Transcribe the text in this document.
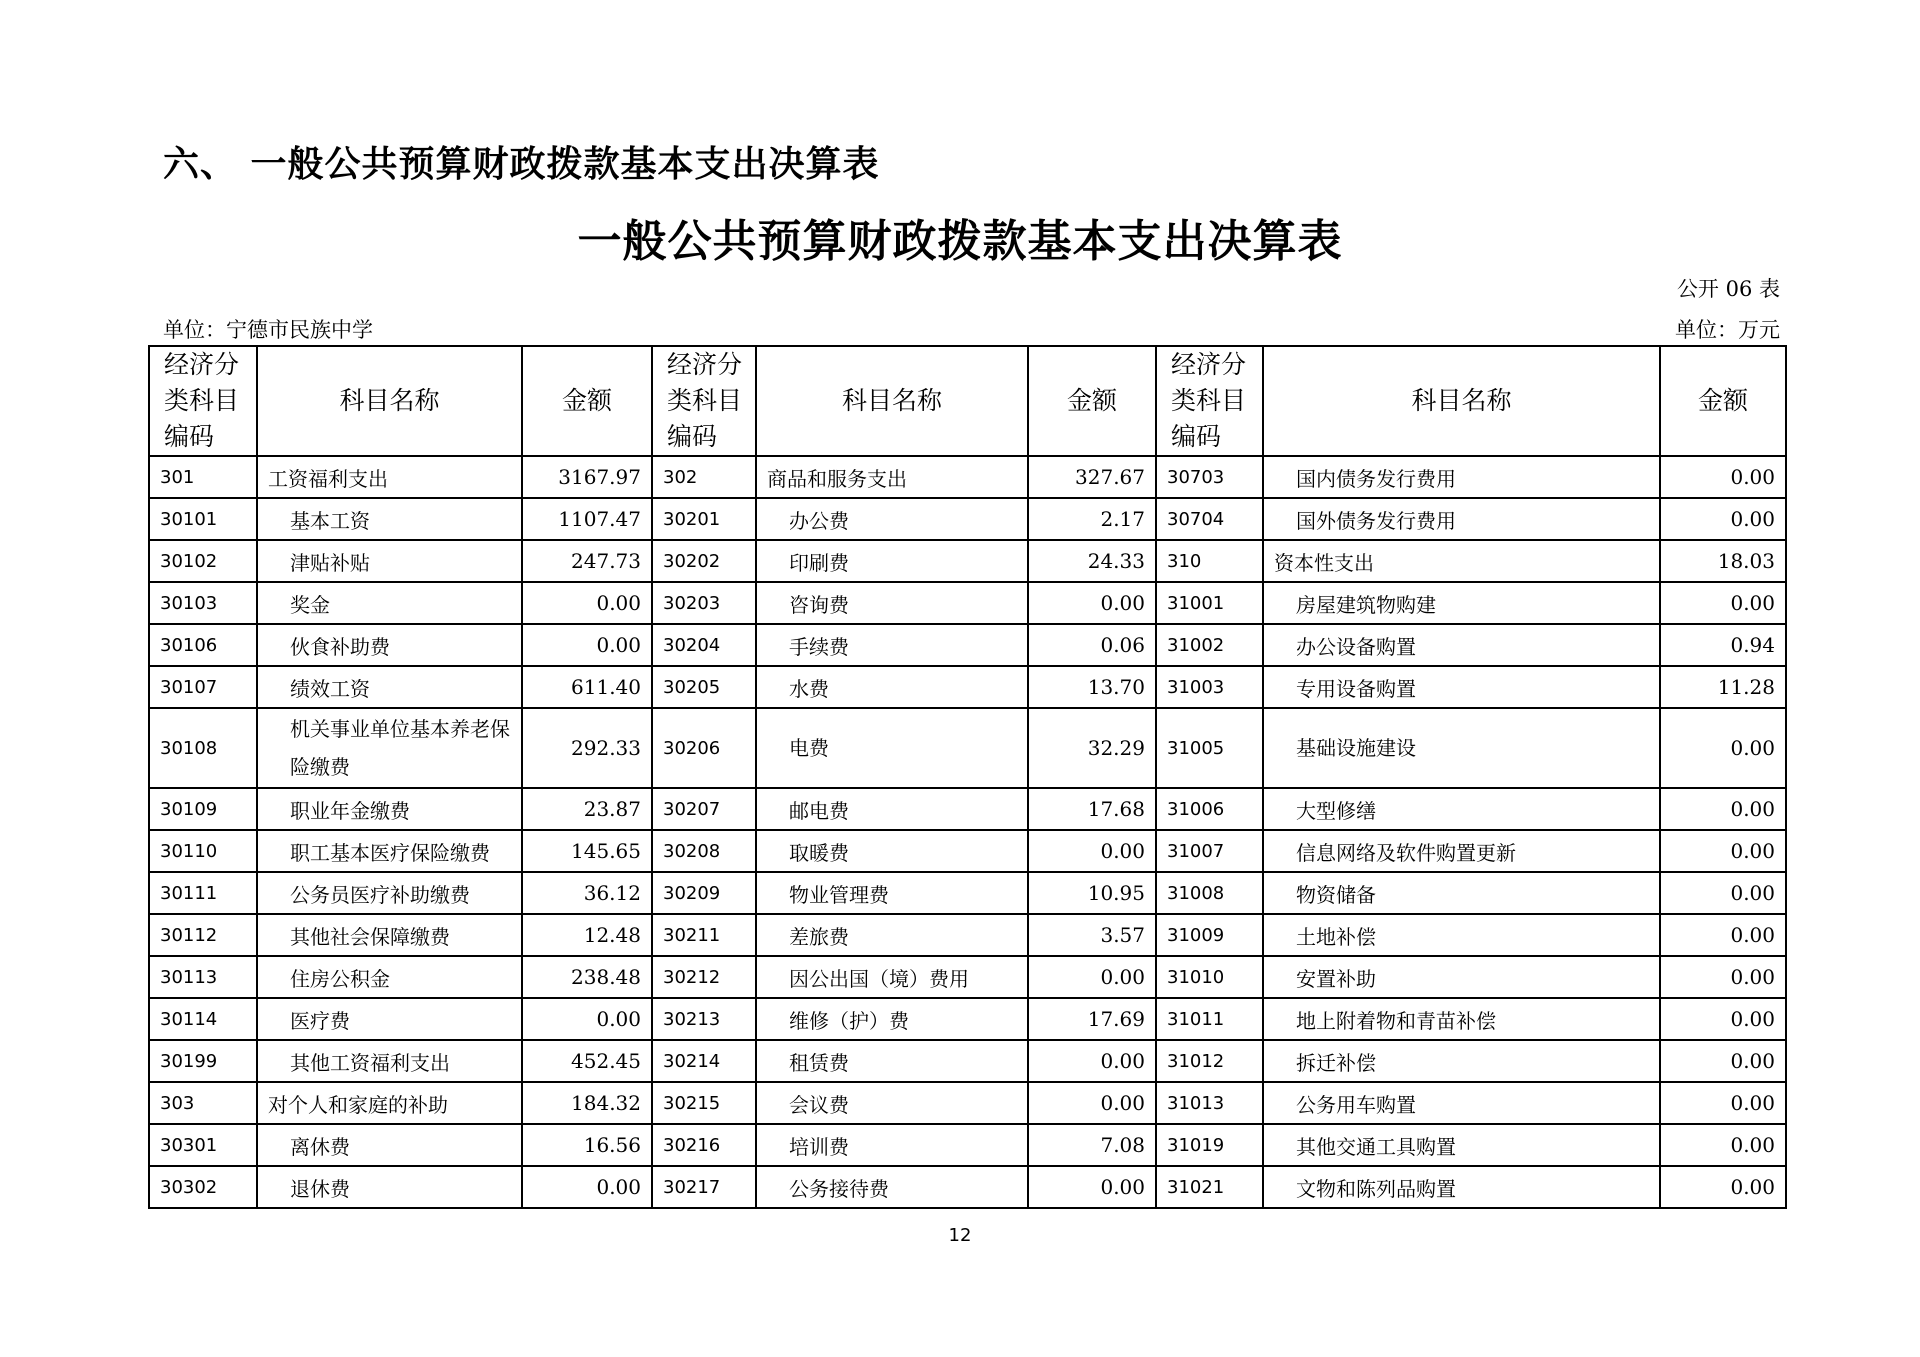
六、 一般公共预算财政拨款基本支出决算表
一般公共预算财政拨款基本支出决算表
公开 06 表
单位：宁德市民族中学	单位：万元
经济分类科目编码	科目名称	金额	经济分类科目编码	科目名称	金额	经济分类科目编码	科目名称	金额
301	工资福利支出	3167.97	302	商品和服务支出	327.67	30703	国内债务发行费用	0.00
30101	基本工资	1107.47	30201	办公费	2.17	30704	国外债务发行费用	0.00
30102	津贴补贴	247.73	30202	印刷费	24.33	310	资本性支出	18.03
30103	奖金	0.00	30203	咨询费	0.00	31001	房屋建筑物购建	0.00
30106	伙食补助费	0.00	30204	手续费	0.06	31002	办公设备购置	0.94
30107	绩效工资	611.40	30205	水费	13.70	31003	专用设备购置	11.28
30108	机关事业单位基本养老保险缴费	292.33	30206	电费	32.29	31005	基础设施建设	0.00
30109	职业年金缴费	23.87	30207	邮电费	17.68	31006	大型修缮	0.00
30110	职工基本医疗保险缴费	145.65	30208	取暖费	0.00	31007	信息网络及软件购置更新	0.00
30111	公务员医疗补助缴费	36.12	30209	物业管理费	10.95	31008	物资储备	0.00
30112	其他社会保障缴费	12.48	30211	差旅费	3.57	31009	土地补偿	0.00
30113	住房公积金	238.48	30212	因公出国（境）费用	0.00	31010	安置补助	0.00
30114	医疗费	0.00	30213	维修（护）费	17.69	31011	地上附着物和青苗补偿	0.00
30199	其他工资福利支出	452.45	30214	租赁费	0.00	31012	拆迁补偿	0.00
303	对个人和家庭的补助	184.32	30215	会议费	0.00	31013	公务用车购置	0.00
30301	离休费	16.56	30216	培训费	7.08	31019	其他交通工具购置	0.00
30302	退休费	0.00	30217	公务接待费	0.00	31021	文物和陈列品购置	0.00
12
